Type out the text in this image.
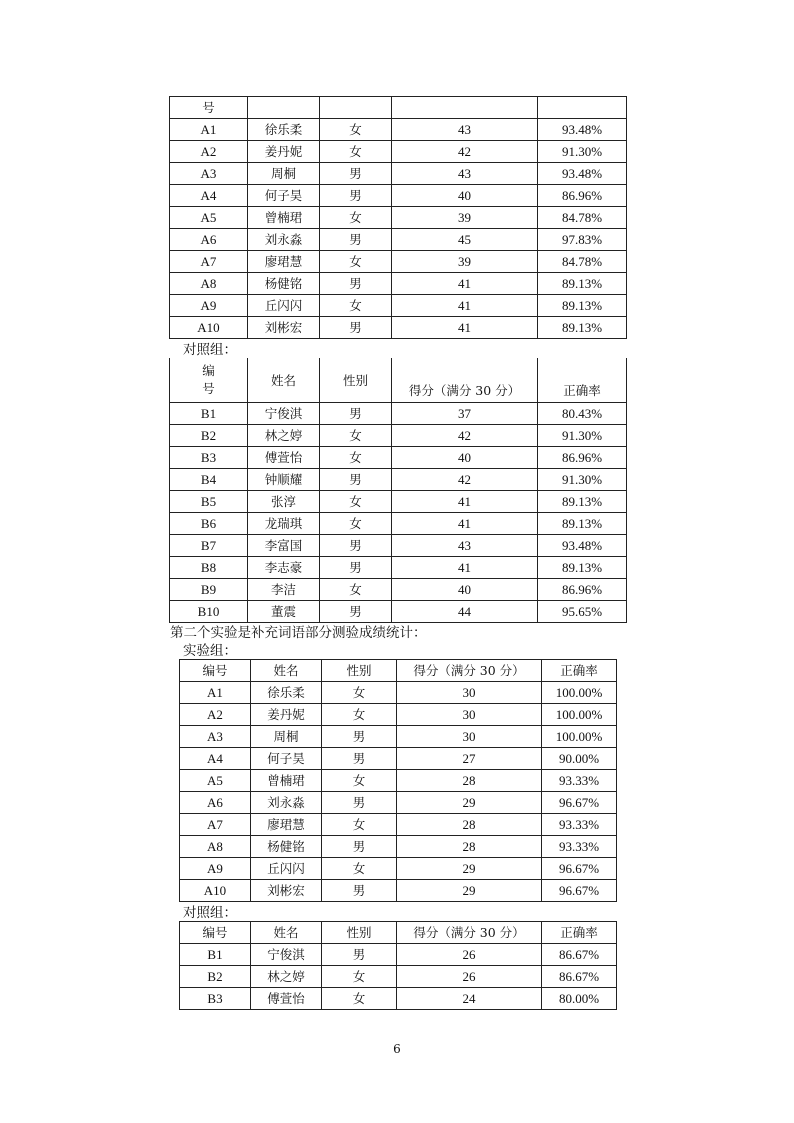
号				
A1	徐乐柔	女	43	93.48%
A2	姜丹妮	女	42	91.30%
A3	周桐	男	43	93.48%
A4	何子昊	男	40	86.96%
A5	曾楠珺	女	39	84.78%
A6	刘永淼	男	45	97.83%
A7	廖珺慧	女	39	84.78%
A8	杨健铭	男	41	89.13%
A9	丘闪闪	女	41	89.13%
A10	刘彬宏	男	41	89.13%
对照组：
编
号	姓名	性别	得分（满分 30 分）	正确率
B1	宁俊淇	男	37	80.43%
B2	林之婷	女	42	91.30%
B3	傅萱怡	女	40	86.96%
B4	钟顺耀	男	42	91.30%
B5	张淳	女	41	89.13%
B6	龙瑞琪	女	41	89.13%
B7	李富国	男	43	93.48%
B8	李志豪	男	41	89.13%
B9	李洁	女	40	86.96%
B10	董震	男	44	95.65%
第二个实验是补充词语部分测验成绩统计：
实验组：
编号	姓名	性别	得分（满分 30 分）	正确率
A1	徐乐柔	女	30	100.00%
A2	姜丹妮	女	30	100.00%
A3	周桐	男	30	100.00%
A4	何子昊	男	27	90.00%
A5	曾楠珺	女	28	93.33%
A6	刘永淼	男	29	96.67%
A7	廖珺慧	女	28	93.33%
A8	杨健铭	男	28	93.33%
A9	丘闪闪	女	29	96.67%
A10	刘彬宏	男	29	96.67%
对照组：
编号	姓名	性别	得分（满分 30 分）	正确率
B1	宁俊淇	男	26	86.67%
B2	林之婷	女	26	86.67%
B3	傅萱怡	女	24	80.00%
6
